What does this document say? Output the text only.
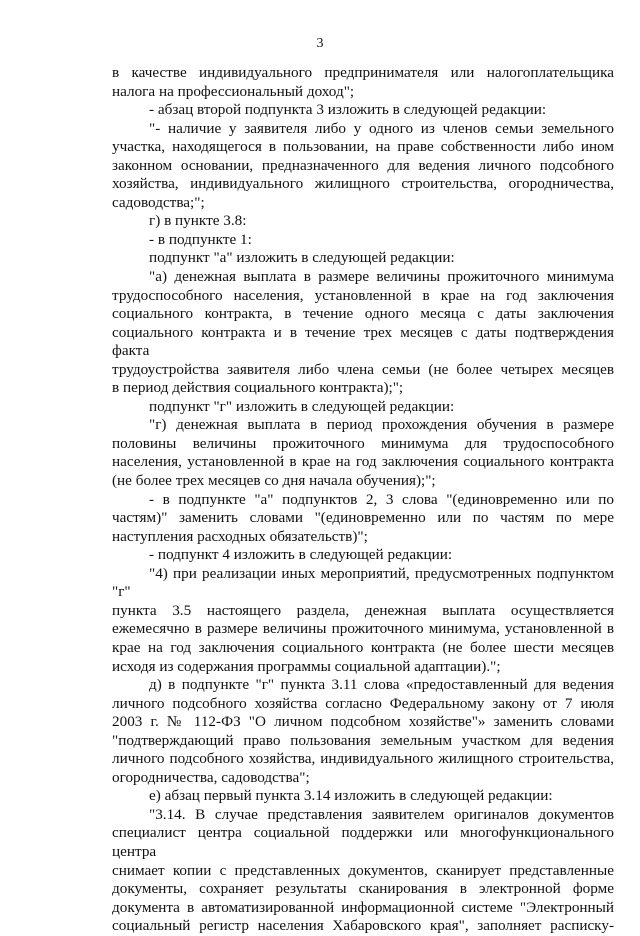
3

в качестве индивидуального предпринимателя или налогоплательщика

налога на профессиональный доход";

- абзац второй подпункта 3 изложить в следующей редакции:

"- наличие у заявителя либо у одного из членов семьи земельного

участка, находящегося в пользовании, на праве собственности либо ином

законном основании, предназначенного для ведения личного подсобного

хозяйства, индивидуального жилищного строительства, огородничества,

садоводства;";

г) в пункте 3.8:

- в подпункте 1:

подпункт "а" изложить в следующей редакции:

"а) денежная выплата в размере величины прожиточного минимума

трудоспособного населения, установленной в крае на год заключения

социального контракта, в течение одного месяца с даты заключения

социального контракта и в течение трех месяцев с даты подтверждения факта

трудоустройства заявителя либо члена семьи (не более четырех месяцев

в период действия социального контракта);";

подпункт "г" изложить в следующей редакции:

"г) денежная выплата в период прохождения обучения в размере

половины величины прожиточного минимума для трудоспособного

населения, установленной в крае на год заключения социального контракта

(не более трех месяцев со дня начала обучения);";

- в подпункте "а" подпунктов 2, 3 слова "(единовременно или по

частям)" заменить словами "(единовременно или по частям по мере

наступления расходных обязательств)";

- подпункт 4 изложить в следующей редакции:

"4) при реализации иных мероприятий, предусмотренных подпунктом "г"

пункта 3.5 настоящего раздела, денежная выплата осуществляется

ежемесячно в размере величины прожиточного минимума, установленной в

крае на год заключения социального контракта (не более шести месяцев

исходя из содержания программы социальной адаптации).";

д) в подпункте "г" пункта 3.11 слова «предоставленный для ведения

личного подсобного хозяйства согласно Федеральному закону от 7 июля

2003 г. № 112-ФЗ "О личном подсобном хозяйстве"» заменить словами

"подтверждающий право пользования земельным участком для ведения

личного подсобного хозяйства, индивидуального жилищного строительства,

огородничества, садоводства";

е) абзац первый пункта 3.14 изложить в следующей редакции:

"3.14. В случае представления заявителем оригиналов документов

специалист центра социальной поддержки или многофункционального центра

снимает копии с представленных документов, сканирует представленные

документы, сохраняет результаты сканирования в электронной форме

документа в автоматизированной информационной системе "Электронный

социальный регистр населения Хабаровского края", заполняет расписку-
